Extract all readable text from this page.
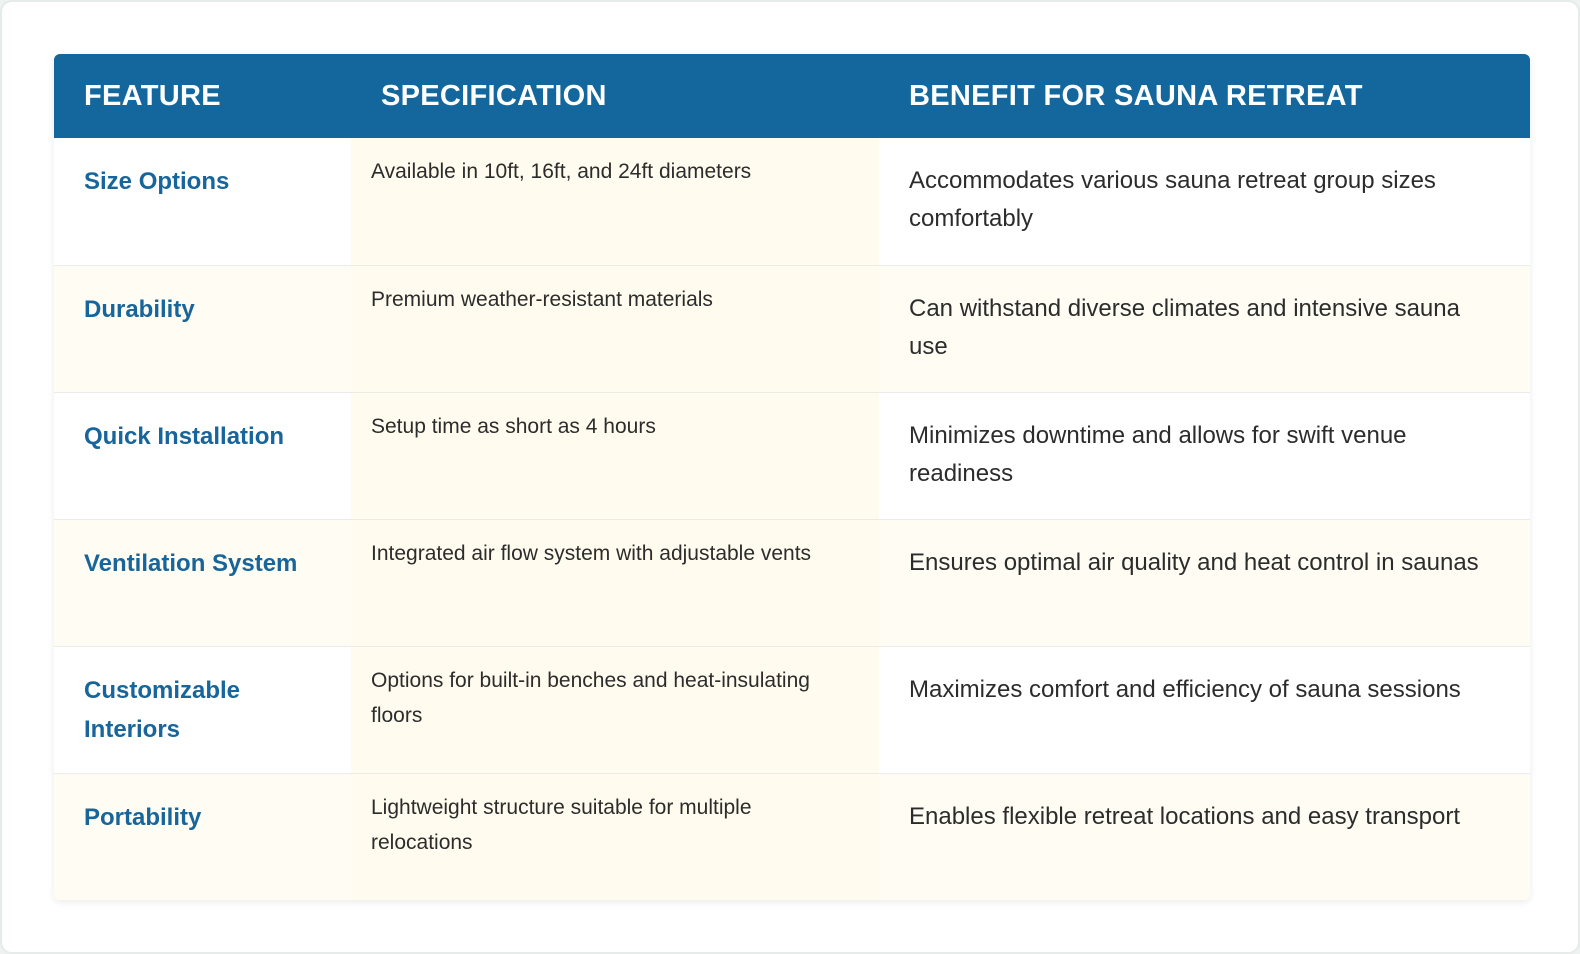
FEATURE	SPECIFICATION	BENEFIT FOR SAUNA RETREAT
Size Options	Available in 10ft, 16ft, and 24ft diameters	Accommodates various sauna retreat group sizes comfortably
Durability	Premium weather-resistant materials	Can withstand diverse climates and intensive sauna use
Quick Installation	Setup time as short as 4 hours	Minimizes downtime and allows for swift venue readiness
Ventilation System	Integrated air flow system with adjustable vents	Ensures optimal air quality and heat control in saunas
Customizable Interiors	Options for built-in benches and heat-insulating floors	Maximizes comfort and efficiency of sauna sessions
Portability	Lightweight structure suitable for multiple relocations	Enables flexible retreat locations and easy transport
